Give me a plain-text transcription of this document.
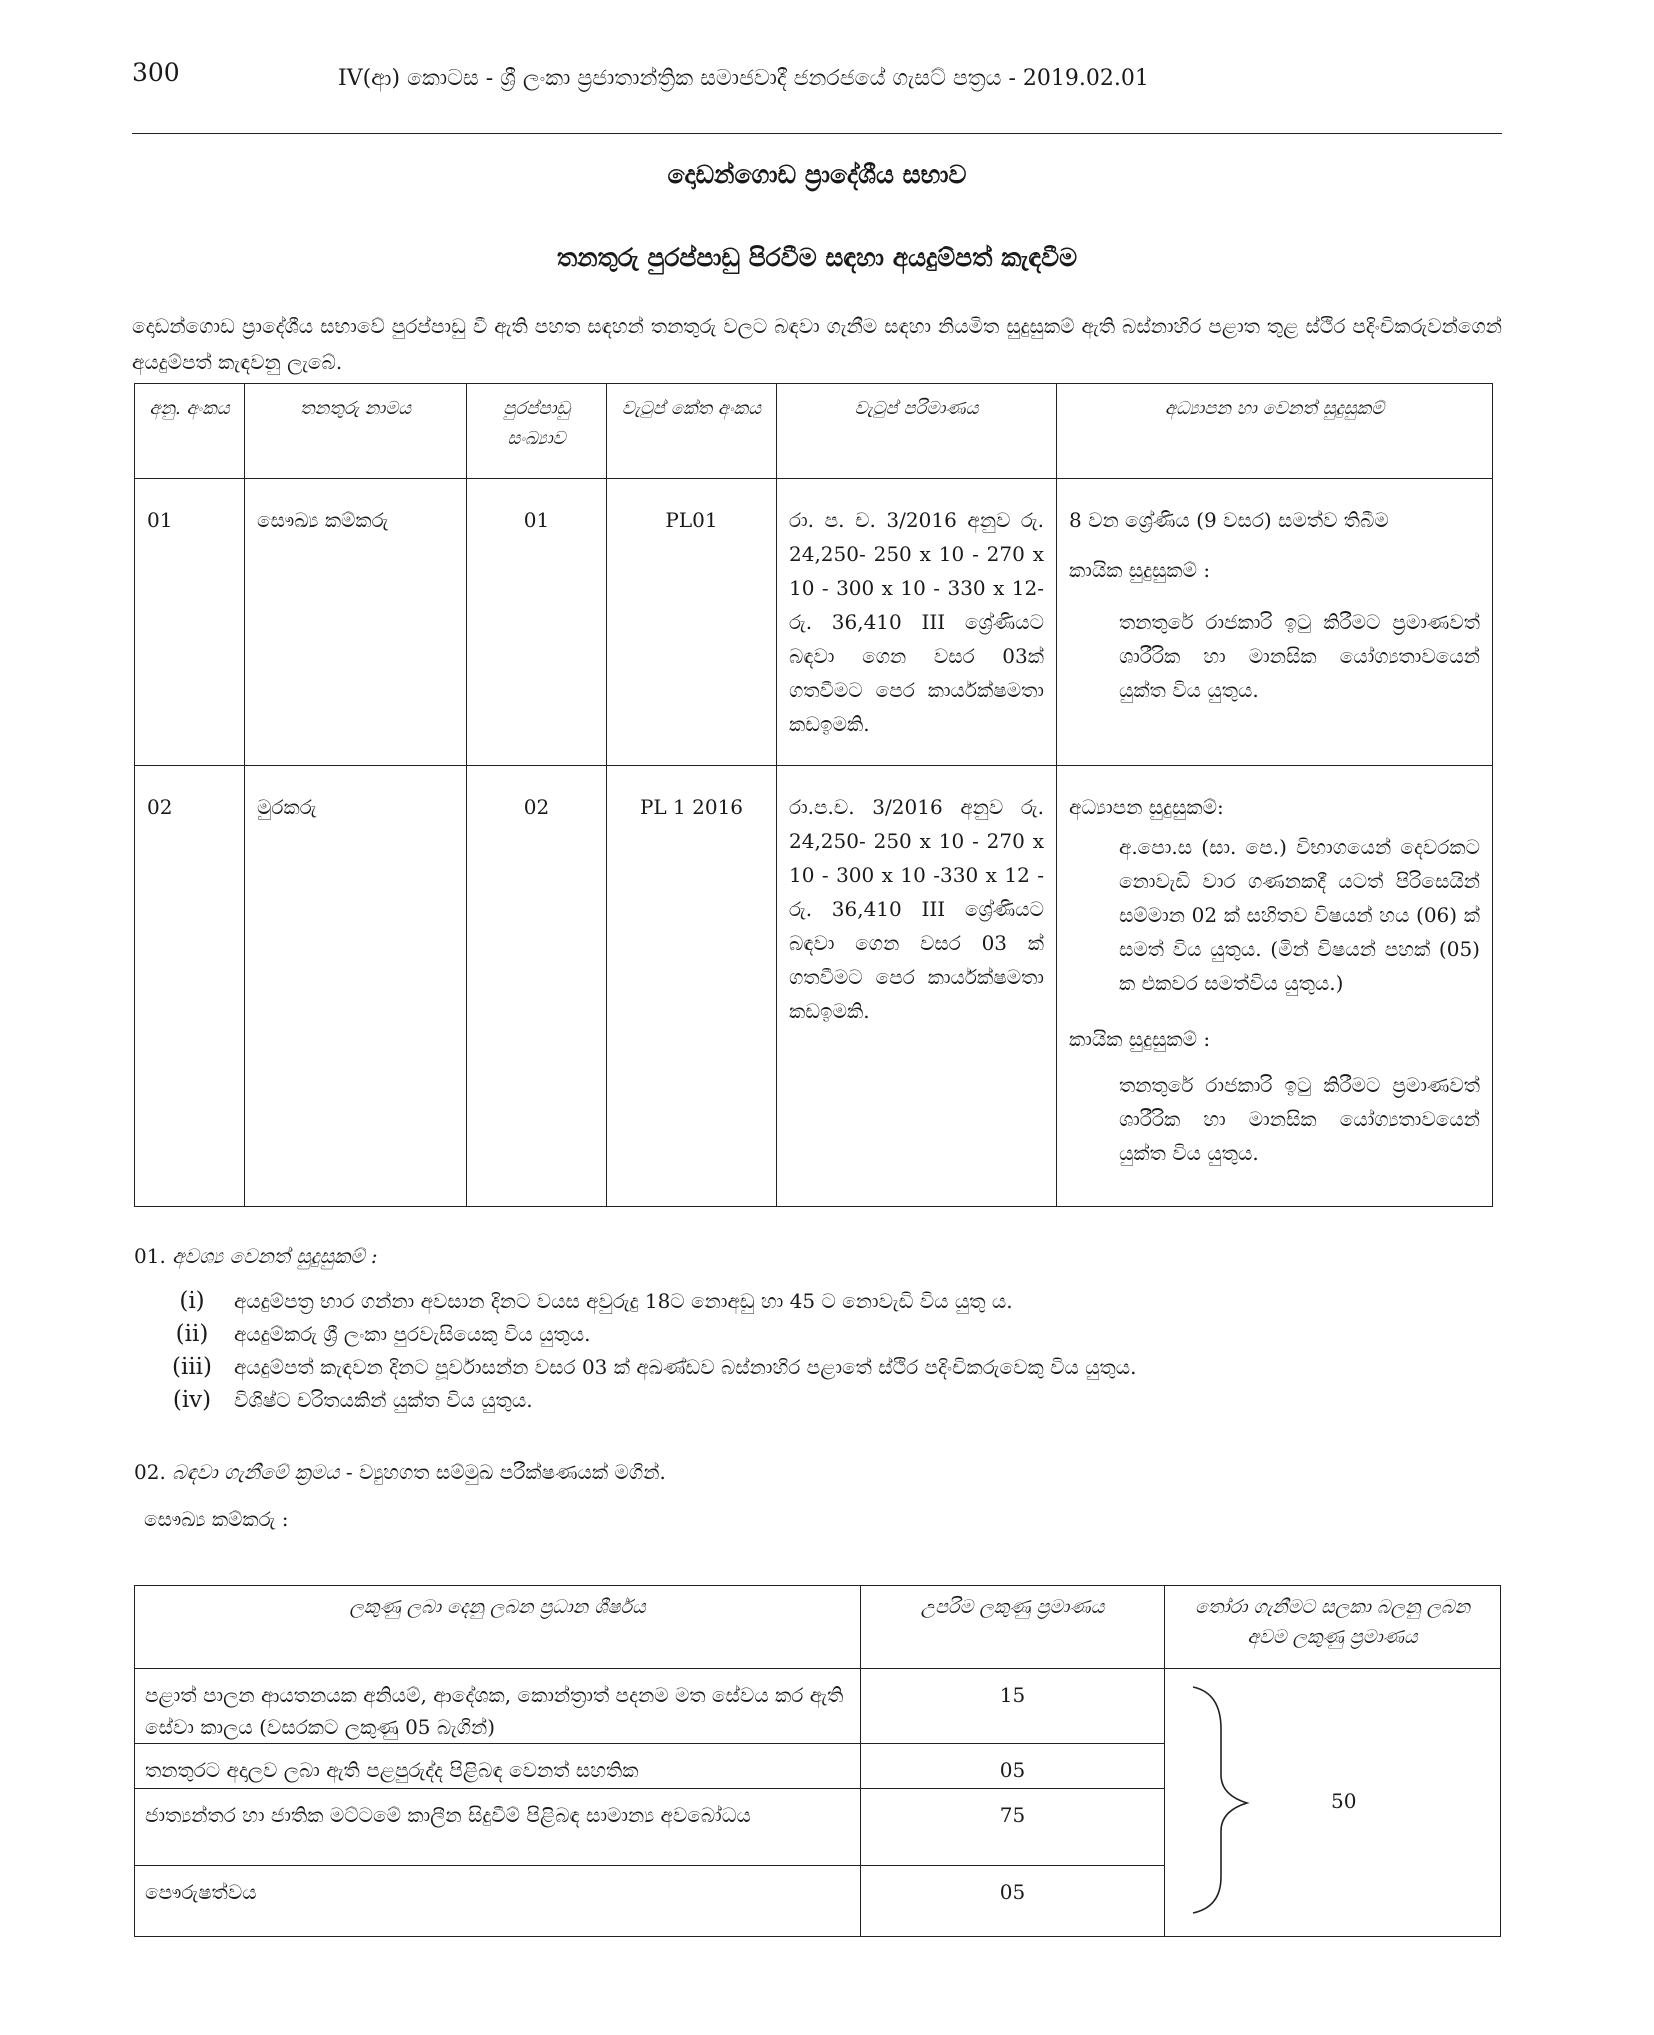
300	IV(ආ) කොටස - ශ්‍රී ලංකා ප්‍රජාතාන්ත්‍රික සමාජවාදී ජනරජයේ ගැසට් පත්‍රය - 2019.02.01
දොඩන්ගොඩ ප්‍රාදේශීය සභාව
තනතුරු පුරප්පාඩු පිරවීම සඳහා අයදුම්පත් කැඳවීම
දොඩන්ගොඩ ප්‍රාදේශීය සභාවේ පුරප්පාඩු වී ඇති පහත සඳහන් තනතුරු වලට බඳවා ගැනීම සඳහා නියමිත සුදුසුකම් ඇති බස්නාහිර පළාත තුළ ස්ථිර පදිංචිකරුවන්ගෙන් අයදුම්පත් කැඳවනු ලැබේ.
අනු. අංකය	තනතුරු නාමය	පුරප්පාඩු සංඛ්‍යාව	වැටුප් කේත අංකය	වැටුප් පරිමාණය	අධ්‍යාපන හා වෙනත් සුදුසුකම්
01	සෞඛ්‍ය කම්කරු	01	PL01	රා. ප. ච. 3/2016 අනුව රු. 24,250- 250 x 10 - 270 x 10 - 300 x 10 - 330 x 12- රු. 36,410 III ශ්‍රේණියට බඳවා ගෙන වසර 03ක් ගතවීමට පෙර කාර්යක්ෂමතා කඩඉමකි.	8 වන ශ්‍රේණිය (9 වසර) සමත්ව තිබීම

කායික සුදුසුකම් :

තනතුරේ රාජකාරි ඉටු කිරීමට ප්‍රමාණවත් ශාරීරික හා මානසික යෝග්‍යතාවයෙන් යුක්ත විය යුතුය.

02	මුරකරු	02	PL 1 2016	රා.ප.ච. 3/2016 අනුව රු. 24,250- 250 x 10 - 270 x 10 - 300 x 10 -330 x 12 - රු. 36,410 III ශ්‍රේණියට බඳවා ගෙන වසර 03 ක් ගතවීමට පෙර කාර්යක්ෂමතා කඩඉමකි.	අධ්‍යාපන සුදුසුකම්:

අ.පො.ස (සා. පෙ.) විභාගයෙන් දෙවරකට නොවැඩි වාර ගණනකදී යටත් පිරිසෙයින් සම්මාන 02 ක් සහිතව විෂයන් හය (06) ක් සමත් විය යුතුය. (මින් විෂයන් පහක් (05) ක එකවර සමත්විය යුතුය.)

කායික සුදුසුකම් :

තනතුරේ රාජකාරි ඉටු කිරීමට ප්‍රමාණවත් ශාරීරික හා මානසික යෝග්‍යතාවයෙන් යුක්ත විය යුතුය.

01. අවශ්‍ය වෙනත් සුදුසුකම් :
(i) අයදුම්පත්‍ර භාර ගන්නා අවසාන දිනට වයස අවුරුදු 18ට නොඅඩු හා 45 ට නොවැඩි විය යුතු ය.
(ii) අයදුම්කරු ශ්‍රී ලංකා පුරවැසියෙකු විය යුතුය.
(iii) අයදුම්පත් කැඳවන දිනට පූර්වාසන්න වසර 03 ක් අඛණ්ඩව බස්නාහිර පළාතේ ස්ථිර පදිංචිකරුවෙකු විය යුතුය.
(iv) විශිෂ්ට චරිතයකින් යුක්ත විය යුතුය.
02. බඳවා ගැනීමේ ක්‍රමය - ව්‍යුහගත සම්මුඛ පරීක්ෂණයක් මගින්.
සෞඛ්‍ය කම්කරු :
ලකුණු ලබා දෙනු ලබන ප්‍රධාන ශීර්ෂය	උපරිම ලකුණු ප්‍රමාණය	තෝරා ගැනීමට සලකා බලනු ලබන අවම ලකුණු ප්‍රමාණය
පළාත් පාලන ආයතනයක අනියම්, ආදේශක, කොන්ත්‍රාත් පදනම මත සේවය කර ඇති සේවා කාලය (වසරකට ලකුණු 05 බැගින්)	15	50

තනතුරට අදාලව ලබා ඇති පළපුරුද්ද පිළිබඳ වෙනත් සහතික	05	
ජාත්‍යන්තර හා ජාතික මට්ටමේ කාලීන සිදුවීම් පිළිබඳ සාමාන්‍ය අවබෝධය	75	
පෞරුෂත්වය	05	
